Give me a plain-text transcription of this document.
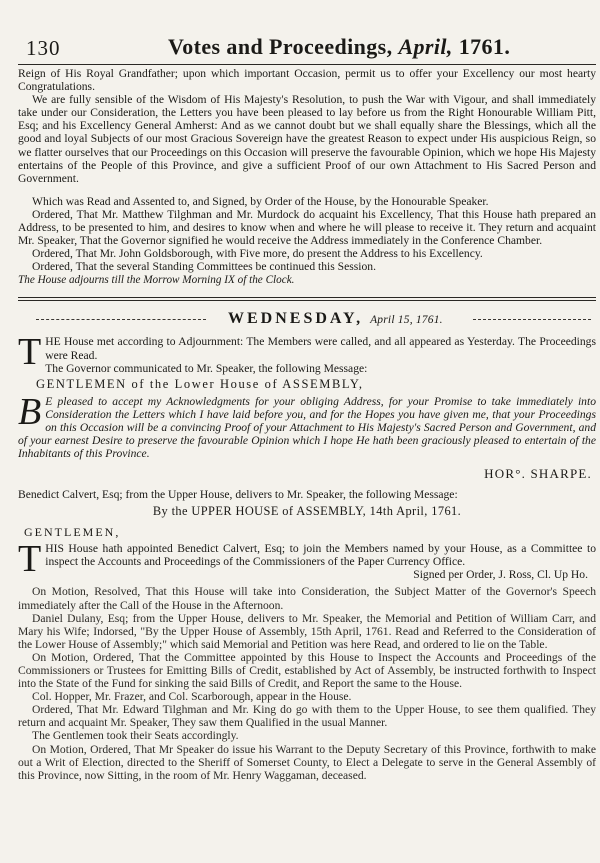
130	Votes and Proceedings, April, 1761.

Reign of His Royal Grandfather; upon which important Occasion, permit us to offer your Excellency our most hearty Congratulations.

We are fully sensible of the Wisdom of His Majesty's Resolution, to push the War with Vigour, and shall immediately take under our Consideration, the Letters you have been pleased to lay before us from the Right Honourable William Pitt, Esq; and his Excellency General Amherst: And as we cannot doubt but we shall equally share the Blessings, which all the good and loyal Subjects of our most Gracious Sovereign have the greatest Reason to expect under His auspicious Reign, so we flatter ourselves that our Proceedings on this Occasion will preserve the favourable Opinion, which we hope His Majesty entertains of the People of this Province, and give a sufficient Proof of our own Attachment to His Sacred Person and Government.

Which was Read and Assented to, and Signed, by Order of the House, by the Honourable Speaker.

Ordered, That Mr. Matthew Tilghman and Mr. Murdock do acquaint his Excellency, That this House hath prepared an Address, to be presented to him, and desires to know when and where he will please to receive it. They return and acquaint Mr. Speaker, That the Governor signified he would receive the Address immediately in the Conference Chamber.

Ordered, That Mr. John Goldsborough, with Five more, do present the Address to his Excellency.

Ordered, That the several Standing Committees be continued this Session.

The House adjourns till the Morrow Morning IX of the Clock.

WEDNESDAY, April 15, 1761.

THE House met according to Adjournment: The Members were called, and all appeared as Yesterday. The Proceedings were Read.

The Governor communicated to Mr. Speaker, the following Message:

GENTLEMEN of the Lower House of ASSEMBLY,

B E pleased to accept my Acknowledgments for your obliging Address, for your Promise to take immediately into Consideration the Letters which I have laid before you, and for the Hopes you have given me, that your Proceedings on this Occasion will be a convincing Proof of your Attachment to His Majesty's Sacred Person and Government, and of your earnest Desire to preserve the favourable Opinion which I hope He hath been graciously pleased to entertain of the Inhabitants of this Province.

HOR°. SHARPE.

Benedict Calvert, Esq; from the Upper House, delivers to Mr. Speaker, the following Message:

By the UPPER HOUSE of ASSEMBLY, 14th April, 1761.

GENTLEMEN,

THIS House hath appointed Benedict Calvert, Esq; to join the Members named by your House, as a Committee to inspect the Accounts and Proceedings of the Commissioners of the Paper Currency Office.

Signed per Order, J. Ross, Cl. Up Ho.

On Motion, Resolved, That this House will take into Consideration, the Subject Matter of the Governor's Speech immediately after the Call of the House in the Afternoon.

Daniel Dulany, Esq; from the Upper House, delivers to Mr. Speaker, the Memorial and Petition of William Carr, and Mary his Wife; Indorsed, "By the Upper House of Assembly, 15th April, 1761. Read and Referred to the Consideration of the Lower House of Assembly;" which said Memorial and Petition was here Read, and ordered to lie on the Table.

On Motion, Ordered, That the Committee appointed by this House to Inspect the Accounts and Proceedings of the Commissioners or Trustees for Emitting Bills of Credit, established by Act of Assembly, be instructed forthwith to Inspect into the State of the Fund for sinking the said Bills of Credit, and Report the same to the House.

Col. Hopper, Mr. Frazer, and Col. Scarborough, appear in the House.

Ordered, That Mr. Edward Tilghman and Mr. King do go with them to the Upper House, to see them qualified. They return and acquaint Mr. Speaker, They saw them Qualified in the usual Manner.

The Gentlemen took their Seats accordingly.

On Motion, Ordered, That Mr Speaker do issue his Warrant to the Deputy Secretary of this Province, forthwith to make out a Writ of Election, directed to the Sheriff of Somerset County, to Elect a Delegate to serve in the General Assembly of this Province, now Sitting, in the room of Mr. Henry Waggaman, deceased.
